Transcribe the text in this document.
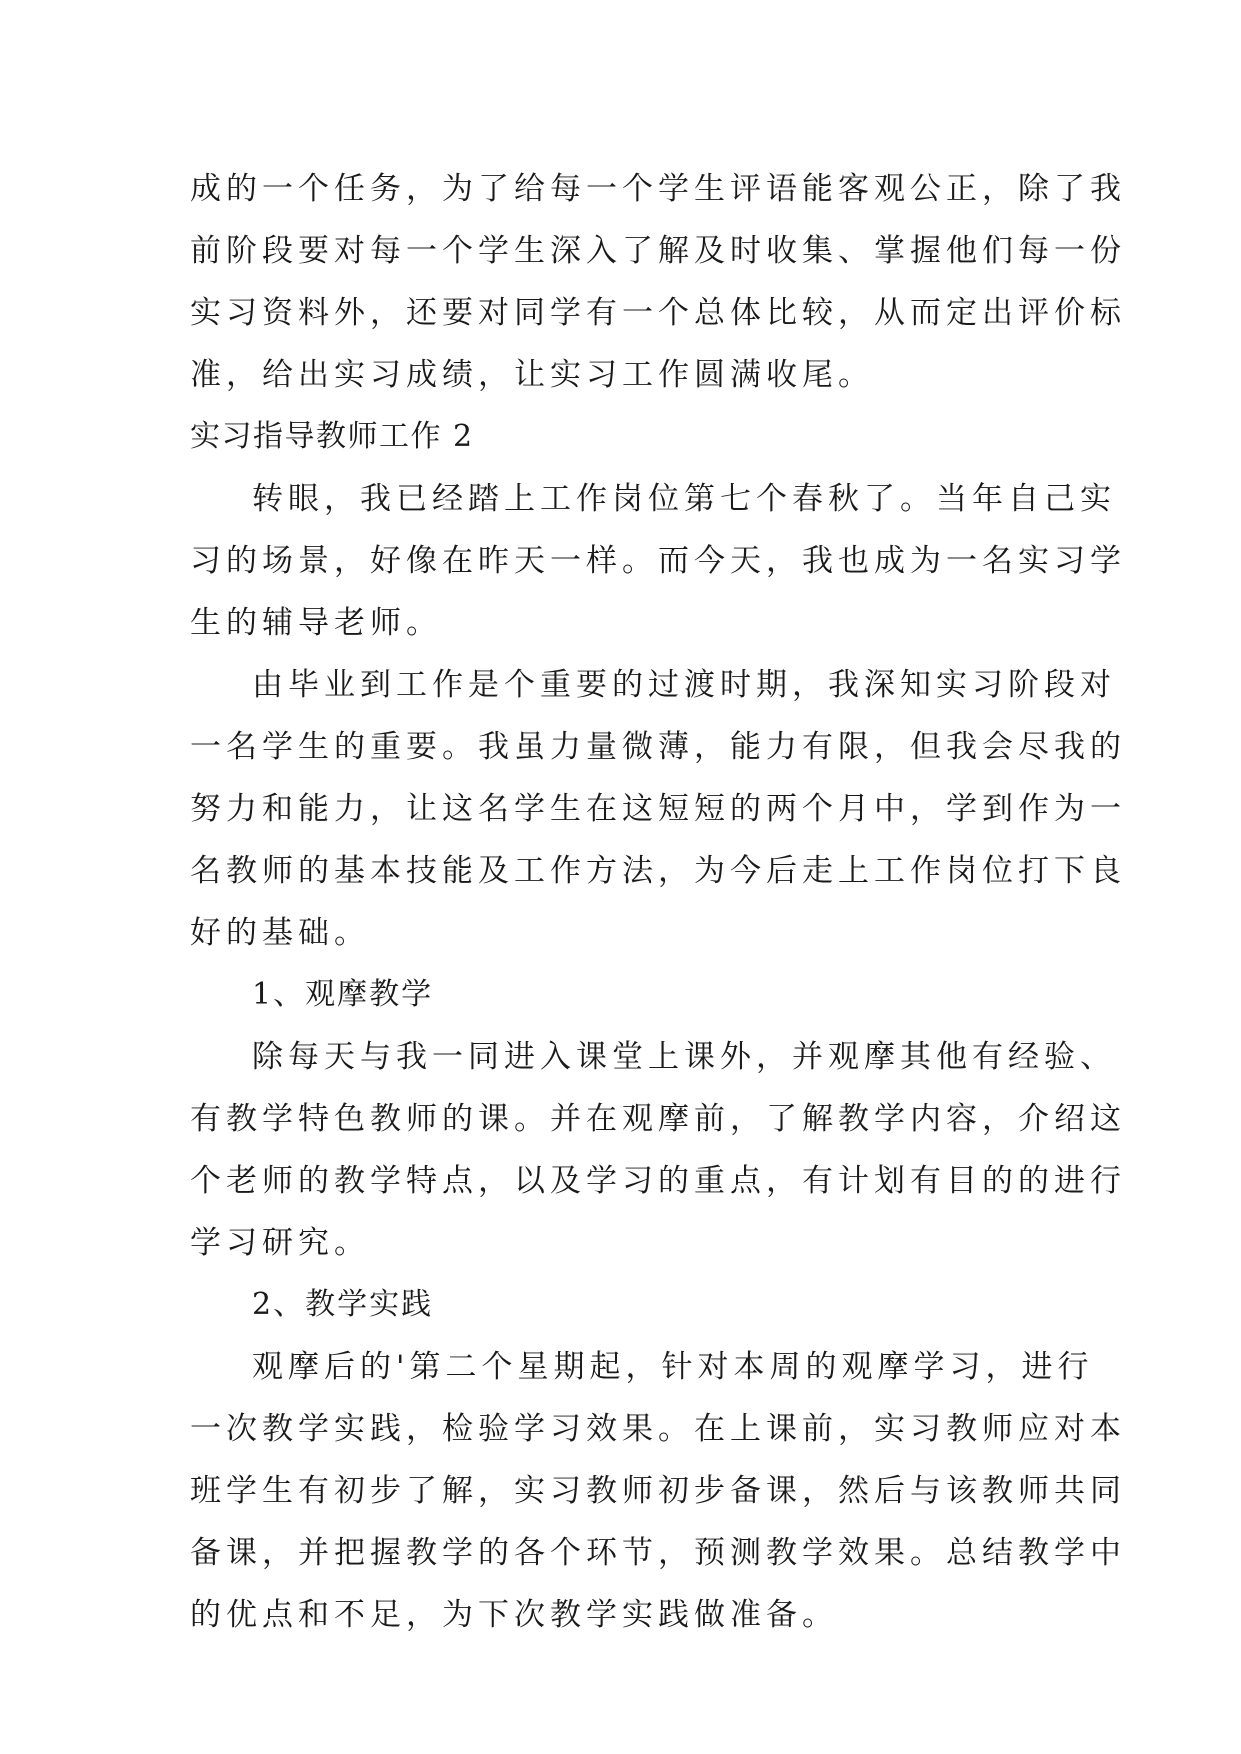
成的一个任务，为了给每一个学生评语能客观公正，除了我
前阶段要对每一个学生深入了解及时收集、掌握他们每一份
实习资料外，还要对同学有一个总体比较，从而定出评价标
准，给出实习成绩，让实习工作圆满收尾。
实习指导教师工作 2
转眼，我已经踏上工作岗位第七个春秋了。当年自己实
习的场景，好像在昨天一样。而今天，我也成为一名实习学
生的辅导老师。
由毕业到工作是个重要的过渡时期，我深知实习阶段对
一名学生的重要。我虽力量微薄，能力有限，但我会尽我的
努力和能力，让这名学生在这短短的两个月中，学到作为一
名教师的基本技能及工作方法，为今后走上工作岗位打下良
好的基础。
1、观摩教学
除每天与我一同进入课堂上课外，并观摩其他有经验、
有教学特色教师的课。并在观摩前，了解教学内容，介绍这
个老师的教学特点，以及学习的重点，有计划有目的的进行
学习研究。
2、教学实践
观摩后的'第二个星期起，针对本周的观摩学习，进行
一次教学实践，检验学习效果。在上课前，实习教师应对本
班学生有初步了解，实习教师初步备课，然后与该教师共同
备课，并把握教学的各个环节，预测教学效果。总结教学中
的优点和不足，为下次教学实践做准备。
